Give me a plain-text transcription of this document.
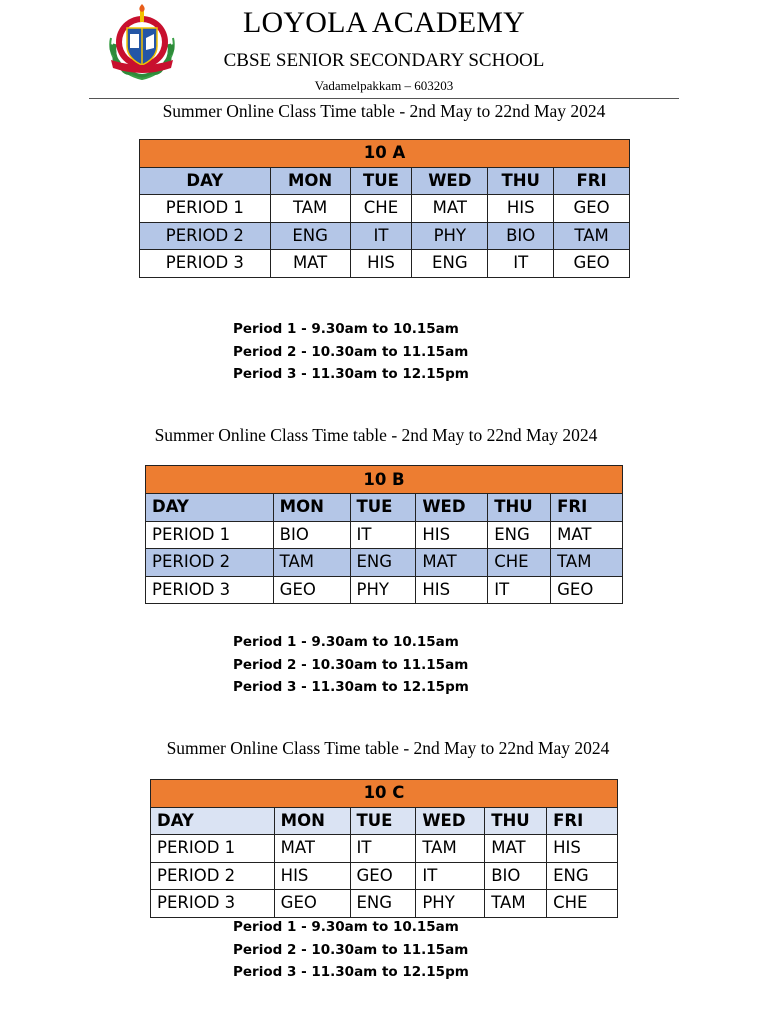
LOYOLA ACADEMY
CBSE SENIOR SECONDARY SCHOOL
Vadamelpakkam – 603203
Summer Online Class Time table - 2nd May to 22nd May 2024
10 A					
DAY	MON	TUE	WED	THU	FRI
PERIOD 1	TAM	CHE	MAT	HIS	GEO
PERIOD 2	ENG	IT	PHY	BIO	TAM
PERIOD 3	MAT	HIS	ENG	IT	GEO
Period 1 - 9.30am to 10.15am
Period 2 - 10.30am to 11.15am
Period 3 - 11.30am to 12.15pm
Summer Online Class Time table - 2nd May to 22nd May 2024
10 B					
DAY	MON	TUE	WED	THU	FRI
PERIOD 1	BIO	IT	HIS	ENG	MAT
PERIOD 2	TAM	ENG	MAT	CHE	TAM
PERIOD 3	GEO	PHY	HIS	IT	GEO
Period 1 - 9.30am to 10.15am
Period 2 - 10.30am to 11.15am
Period 3 - 11.30am to 12.15pm
Summer Online Class Time table - 2nd May to 22nd May 2024
10 C					
DAY	MON	TUE	WED	THU	FRI
PERIOD 1	MAT	IT	TAM	MAT	HIS
PERIOD 2	HIS	GEO	IT	BIO	ENG
PERIOD 3	GEO	ENG	PHY	TAM	CHE
Period 1 - 9.30am to 10.15am
Period 2 - 10.30am to 11.15am
Period 3 - 11.30am to 12.15pm
